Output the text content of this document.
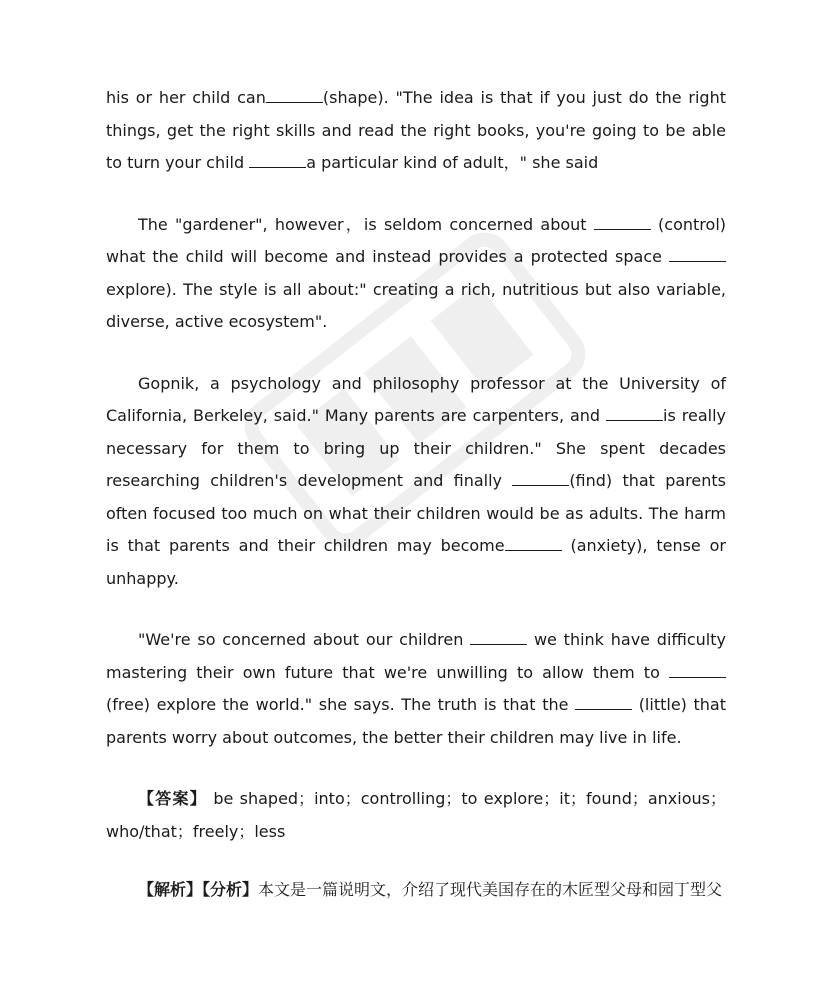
his or her child can	(shape). "The idea is that if you just do the right things, get the right skills and read the right books, you're going to be able to turn your child	a particular kind of adult，" she said

The "gardener", however，is seldom concerned about	(control) what the child will become and instead provides a protected space explore). The style is all about:" creating a rich, nutritious but also variable, diverse, active ecosystem".

Gopnik, a psychology and philosophy professor at the University of California, Berkeley, said." Many parents are carpenters, and	is really necessary for them to bring up their children." She spent decades researching children's development and finally	(find) that parents often focused too much on what their children would be as adults. The harm is that parents and their children may become	(anxiety), tense or unhappy.

"We're so concerned about our children	we think have difficulty mastering their own future that we're unwilling to allow them to  (free) explore the world." she says. The truth is that the	(little) that parents worry about outcomes, the better their children may live in life.

【答案】 be shaped；into；controlling；to explore；it；found；anxious；who/that；freely；less

【解析】【分析】本文是一篇说明文，介绍了现代美国存在的木匠型父母和园丁型父
